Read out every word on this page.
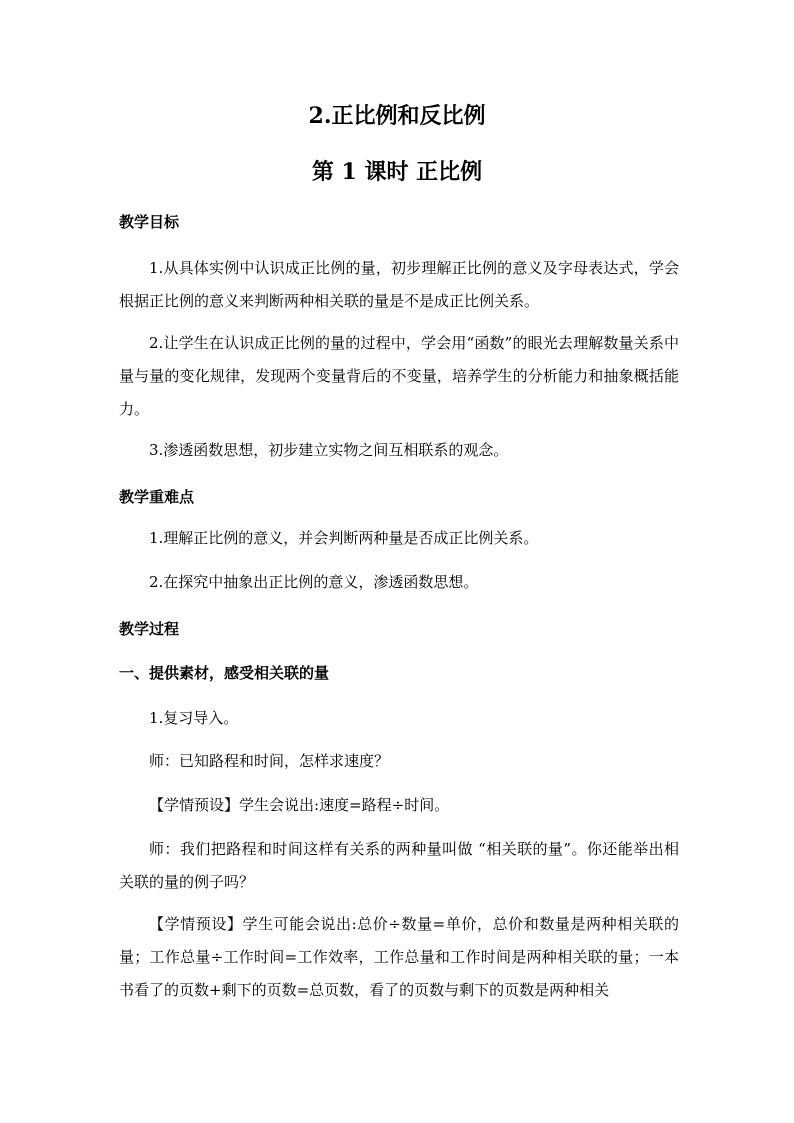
2.正比例和反比例
第 1 课时 正比例
教学目标

1.从具体实例中认识成正比例的量，初步理解正比例的意义及字母表达式，学会根据正比例的意义来判断两种相关联的量是不是成正比例关系。

2.让学生在认识成正比例的量的过程中，学会用“函数”的眼光去理解数量关系中量与量的变化规律，发现两个变量背后的不变量，培养学生的分析能力和抽象概括能力。

3.渗透函数思想，初步建立实物之间互相联系的观念。

教学重难点

1.理解正比例的意义，并会判断两种量是否成正比例关系。

2.在探究中抽象出正比例的意义，渗透函数思想。

教学过程
一、提供素材，感受相关联的量

1.复习导入。

师：已知路程和时间，怎样求速度？

【学情预设】学生会说出:速度=路程÷时间。

师：我们把路程和时间这样有关系的两种量叫做 “相关联的量”。你还能举出相关联的量的例子吗？

【学情预设】学生可能会说出:总价÷数量=单价，总价和数量是两种相关联的量；工作总量÷工作时间=工作效率，工作总量和工作时间是两种相关联的量；一本书看了的页数+剩下的页数=总页数，看了的页数与剩下的页数是两种相关
